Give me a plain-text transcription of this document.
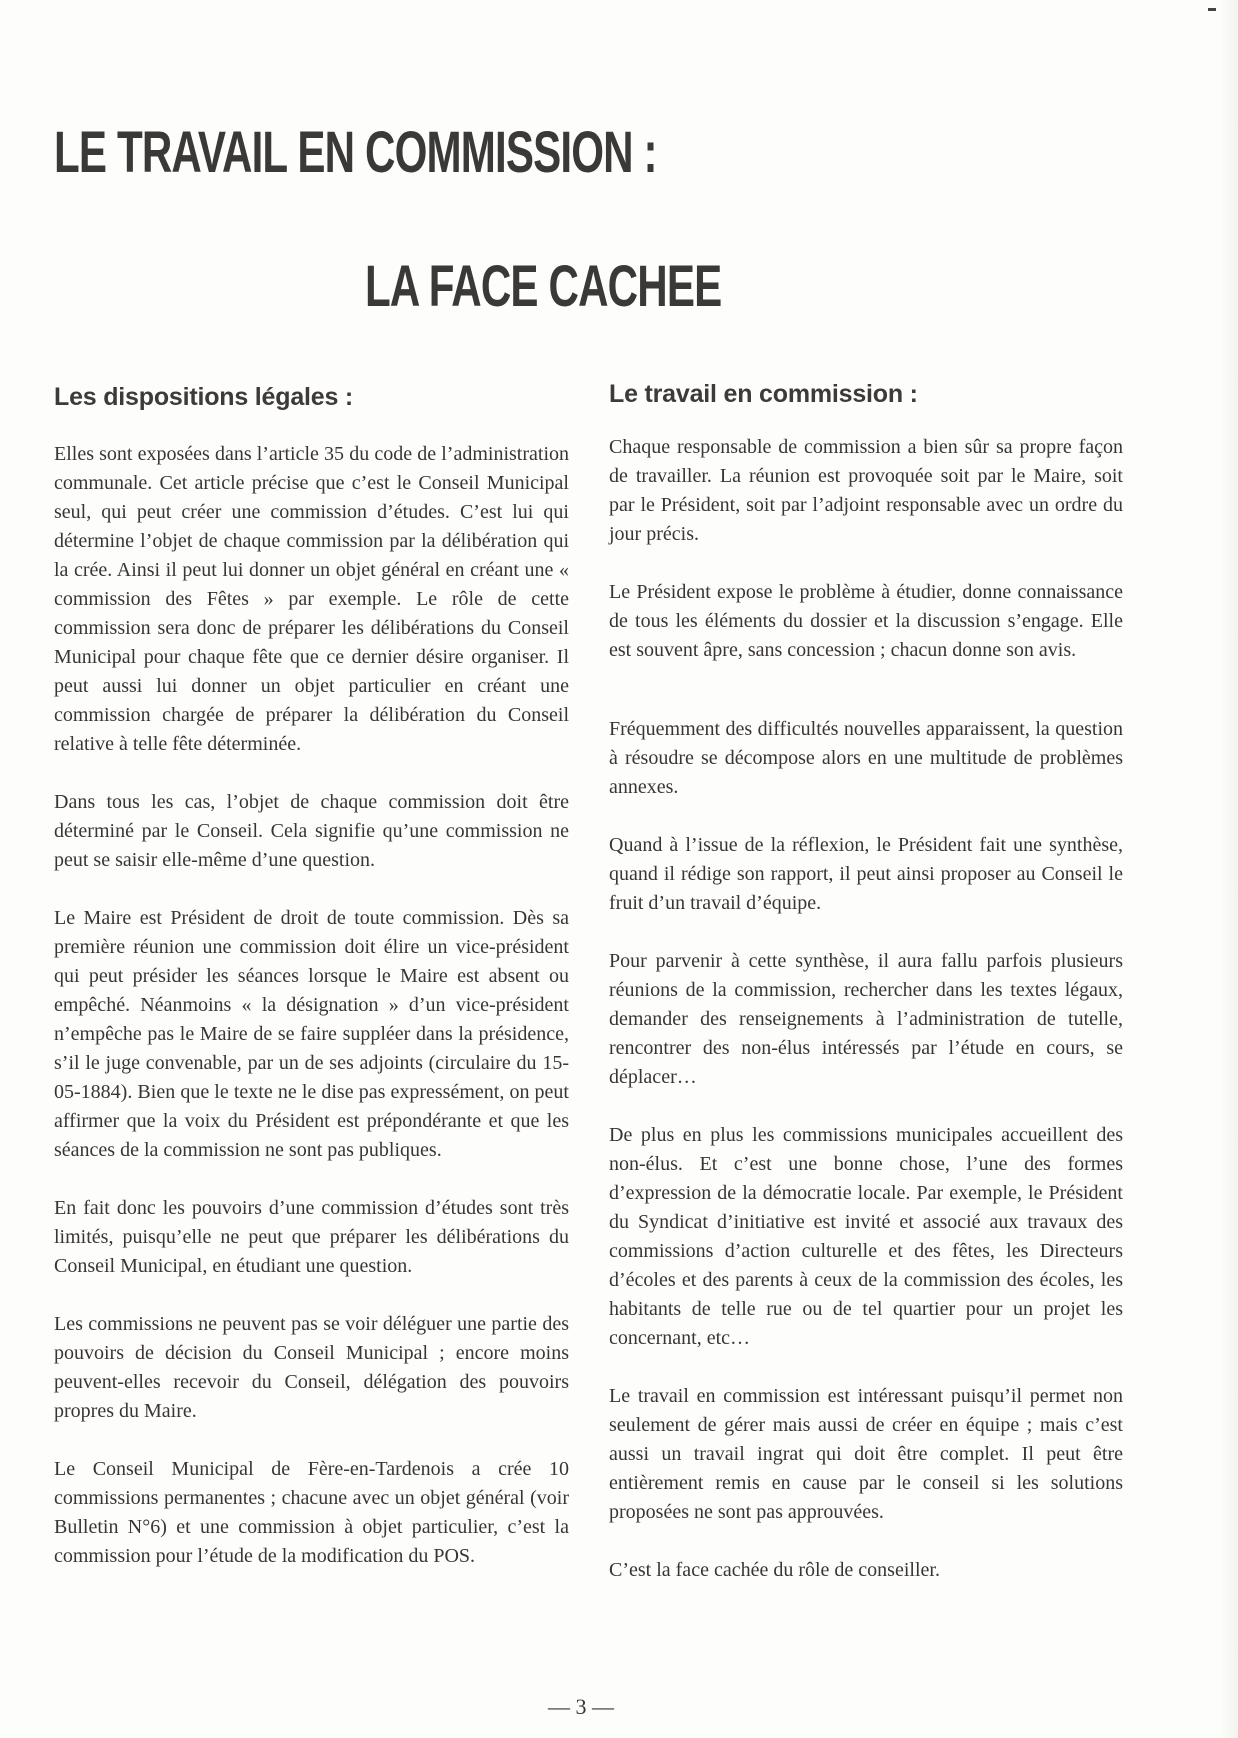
LE TRAVAIL EN COMMISSION :
LA FACE CACHEE
Les dispositions légales :

Elles sont exposées dans l’article 35 du code de l’administration communale. Cet article précise que c’est le Conseil Municipal seul, qui peut créer une commission d’études. C’est lui qui détermine l’objet de chaque commission par la délibération qui la crée. Ainsi il peut lui donner un objet général en créant une « commission des Fêtes » par exemple. Le rôle de cette commission sera donc de préparer les délibérations du Conseil Municipal pour chaque fête que ce dernier désire organiser. Il peut aussi lui donner un objet particulier en créant une commission chargée de préparer la délibération du Conseil relative à telle fête déterminée.

Dans tous les cas, l’objet de chaque commission doit être déterminé par le Conseil. Cela signifie qu’une commission ne peut se saisir elle-même d’une question.

Le Maire est Président de droit de toute commission. Dès sa première réunion une commission doit élire un vice-président qui peut présider les séances lorsque le Maire est absent ou empêché. Néanmoins « la désignation » d’un vice-président n’empêche pas le Maire de se faire suppléer dans la présidence, s’il le juge convenable, par un de ses adjoints (circulaire du 15-05-1884). Bien que le texte ne le dise pas expressément, on peut affirmer que la voix du Président est prépondérante et que les séances de la commission ne sont pas publiques.

En fait donc les pouvoirs d’une commission d’études sont très limités, puisqu’elle ne peut que préparer les délibérations du Conseil Municipal, en étudiant une question.

Les commissions ne peuvent pas se voir déléguer une partie des pouvoirs de décision du Conseil Municipal ; encore moins peuvent-elles recevoir du Conseil, délégation des pouvoirs propres du Maire.

Le Conseil Municipal de Fère-en-Tardenois a crée 10 commissions permanentes ; chacune avec un objet général (voir Bulletin N°6) et une commission à objet particulier, c’est la commission pour l’étude de la modification du POS.

Le travail en commission :

Chaque responsable de commission a bien sûr sa propre façon de travailler. La réunion est provoquée soit par le Maire, soit par le Président, soit par l’adjoint responsable avec un ordre du jour précis.

Le Président expose le problème à étudier, donne connaissance de tous les éléments du dossier et la discussion s’engage. Elle est souvent âpre, sans concession ; chacun donne son avis.

Fréquemment des difficultés nouvelles apparaissent, la question à résoudre se décompose alors en une multitude de problèmes annexes.

Quand à l’issue de la réflexion, le Président fait une synthèse, quand il rédige son rapport, il peut ainsi proposer au Conseil le fruit d’un travail d’équipe.

Pour parvenir à cette synthèse, il aura fallu parfois plusieurs réunions de la commission, rechercher dans les textes légaux, demander des renseignements à l’administration de tutelle, rencontrer des non-élus intéressés par l’étude en cours, se déplacer…

De plus en plus les commissions municipales accueillent des non-élus. Et c’est une bonne chose, l’une des formes d’expression de la démocratie locale. Par exemple, le Président du Syndicat d’initiative est invité et associé aux travaux des commissions d’action culturelle et des fêtes, les Directeurs d’écoles et des parents à ceux de la commission des écoles, les habitants de telle rue ou de tel quartier pour un projet les concernant, etc…

Le travail en commission est intéressant puisqu’il permet non seulement de gérer mais aussi de créer en équipe ; mais c’est aussi un travail ingrat qui doit être complet. Il peut être entièrement remis en cause par le conseil si les solutions proposées ne sont pas approuvées.

C’est la face cachée du rôle de conseiller.

— 3 —
